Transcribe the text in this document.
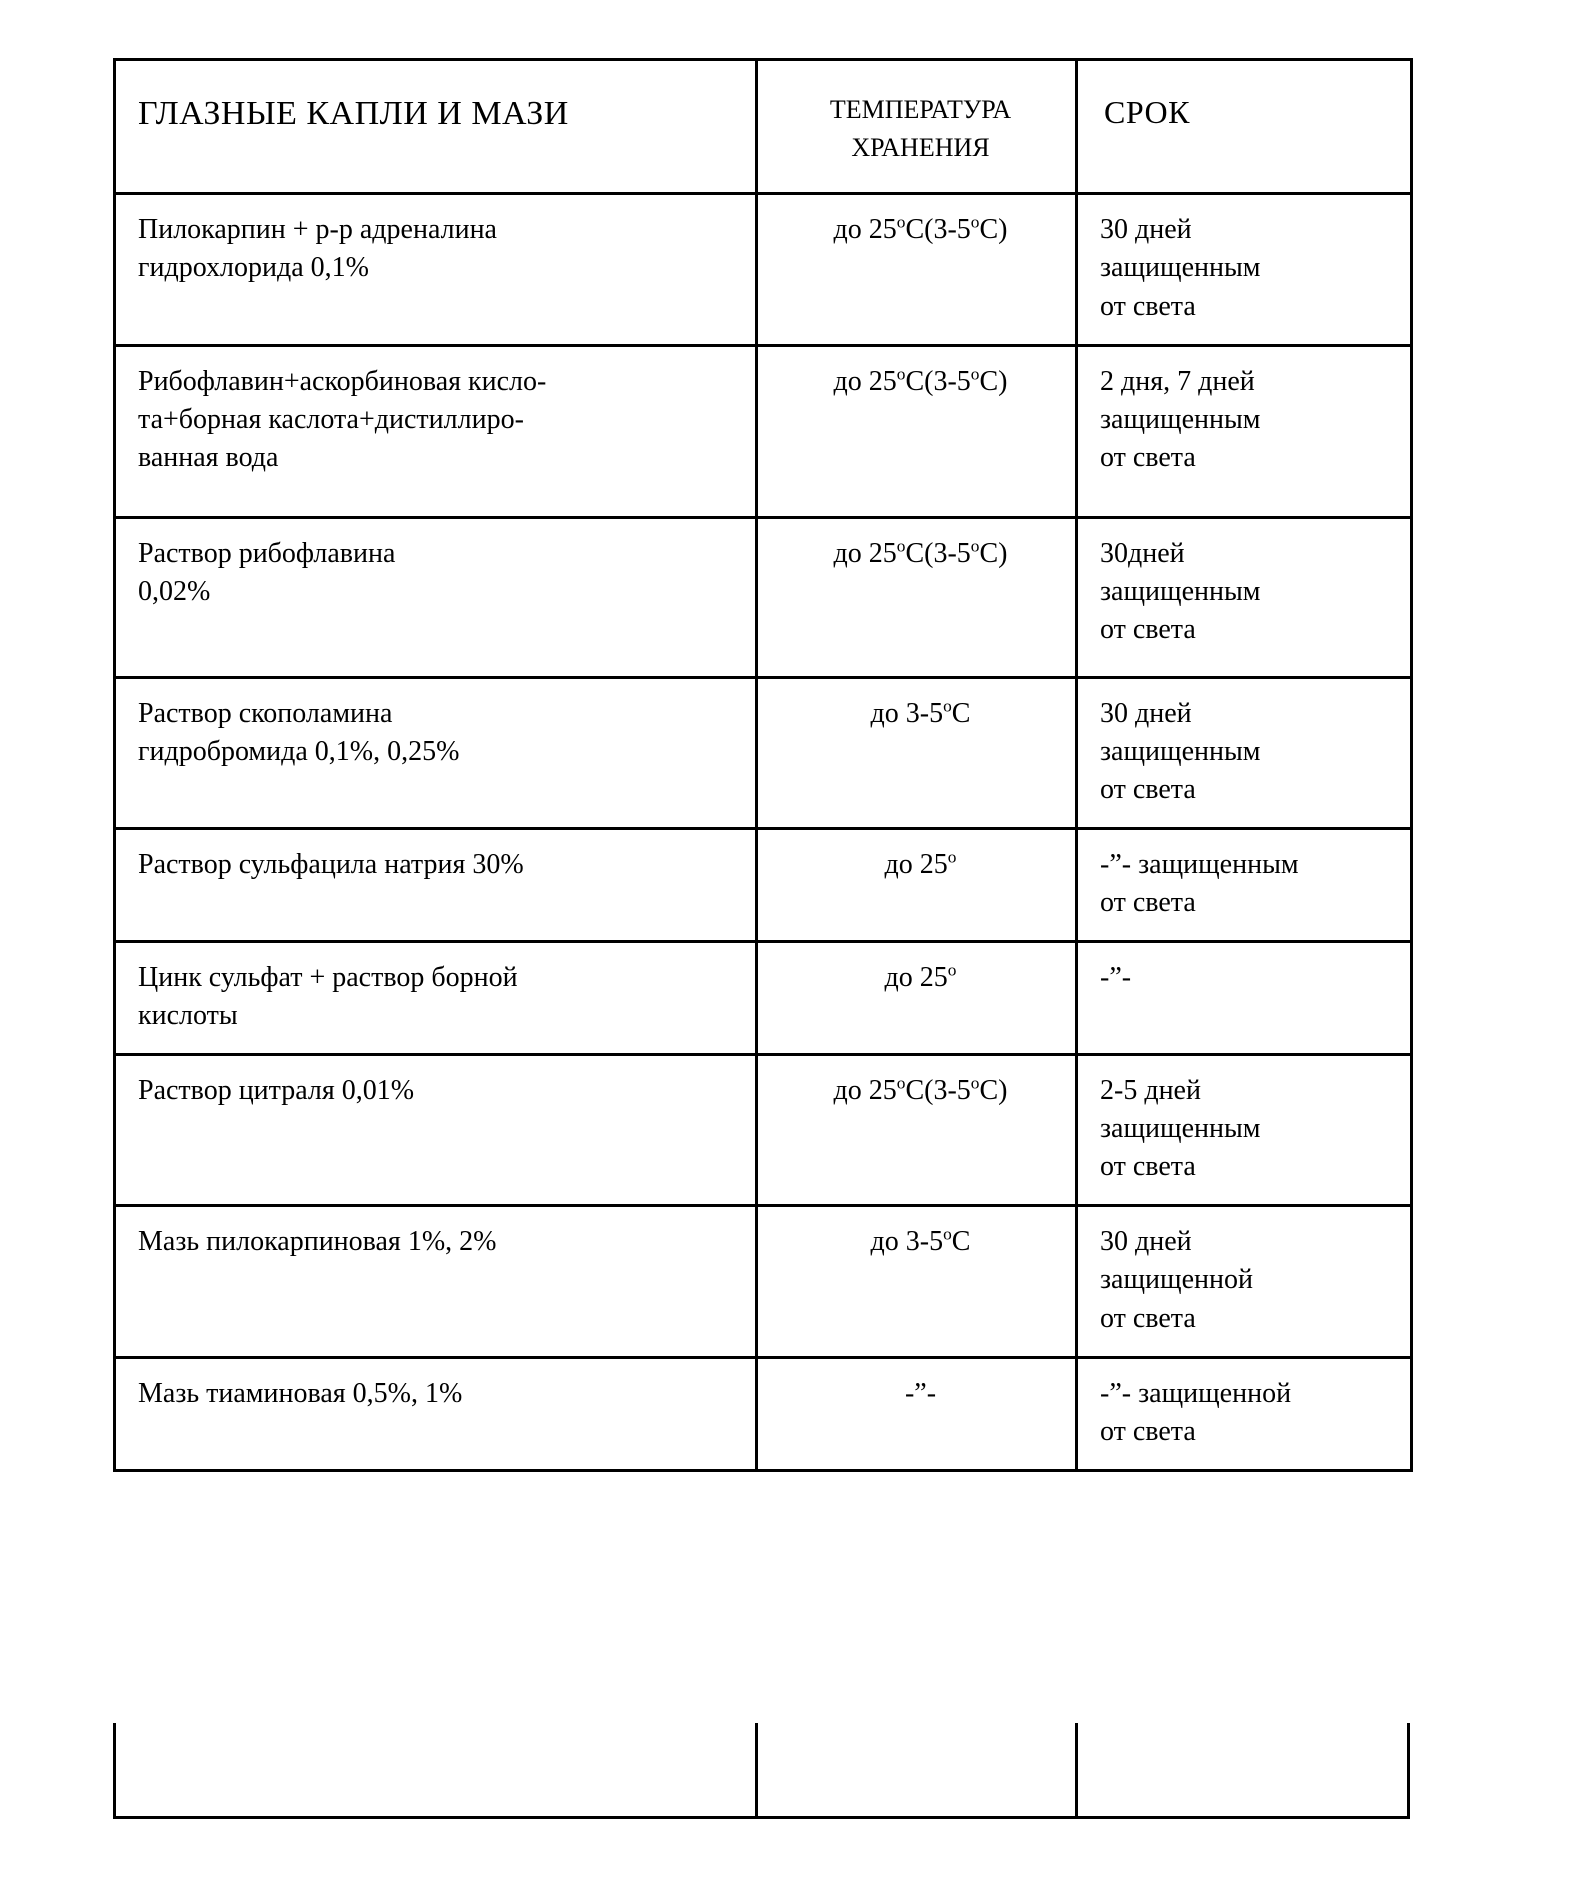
ГЛАЗНЫЕ КАПЛИ И МАЗИ	ТЕМПЕРАТУРА
ХРАНЕНИЯ	СРОК
Пилокарпин + р-р адреналина
гидрохлорида 0,1%	до 25$^o$С(3-5$^o$С)	30 дней
защищенным
от света
Рибофлавин+аскорбиновая кисло-
та+борная каслота+дистиллиро-
ванная вода	до 25$^o$С(3-5$^o$С)	2 дня, 7 дней
защищенным
от света
Раствор рибофлавина
0,02%	до 25$^o$С(3-5$^o$С)	30дней
защищенным
от света
Раствор скополамина
гидробромида 0,1%, 0,25%	до 3-5$^o$С	30 дней
защищенным
от света
Раствор сульфацила натрия 30%	до 25$^o$	-”- защищенным
от света
Цинк сульфат + раствор борной
кислоты	до 25$^o$	-”-
Раствор цитраля 0,01%	до 25$^o$С(3-5$^o$С)	2-5 дней
защищенным
от света
Мазь пилокарпиновая 1%, 2%	до 3-5$^o$С	30 дней
защищенной
от света
Мазь тиаминовая 0,5%, 1%	-”-	-”- защищенной
от света
